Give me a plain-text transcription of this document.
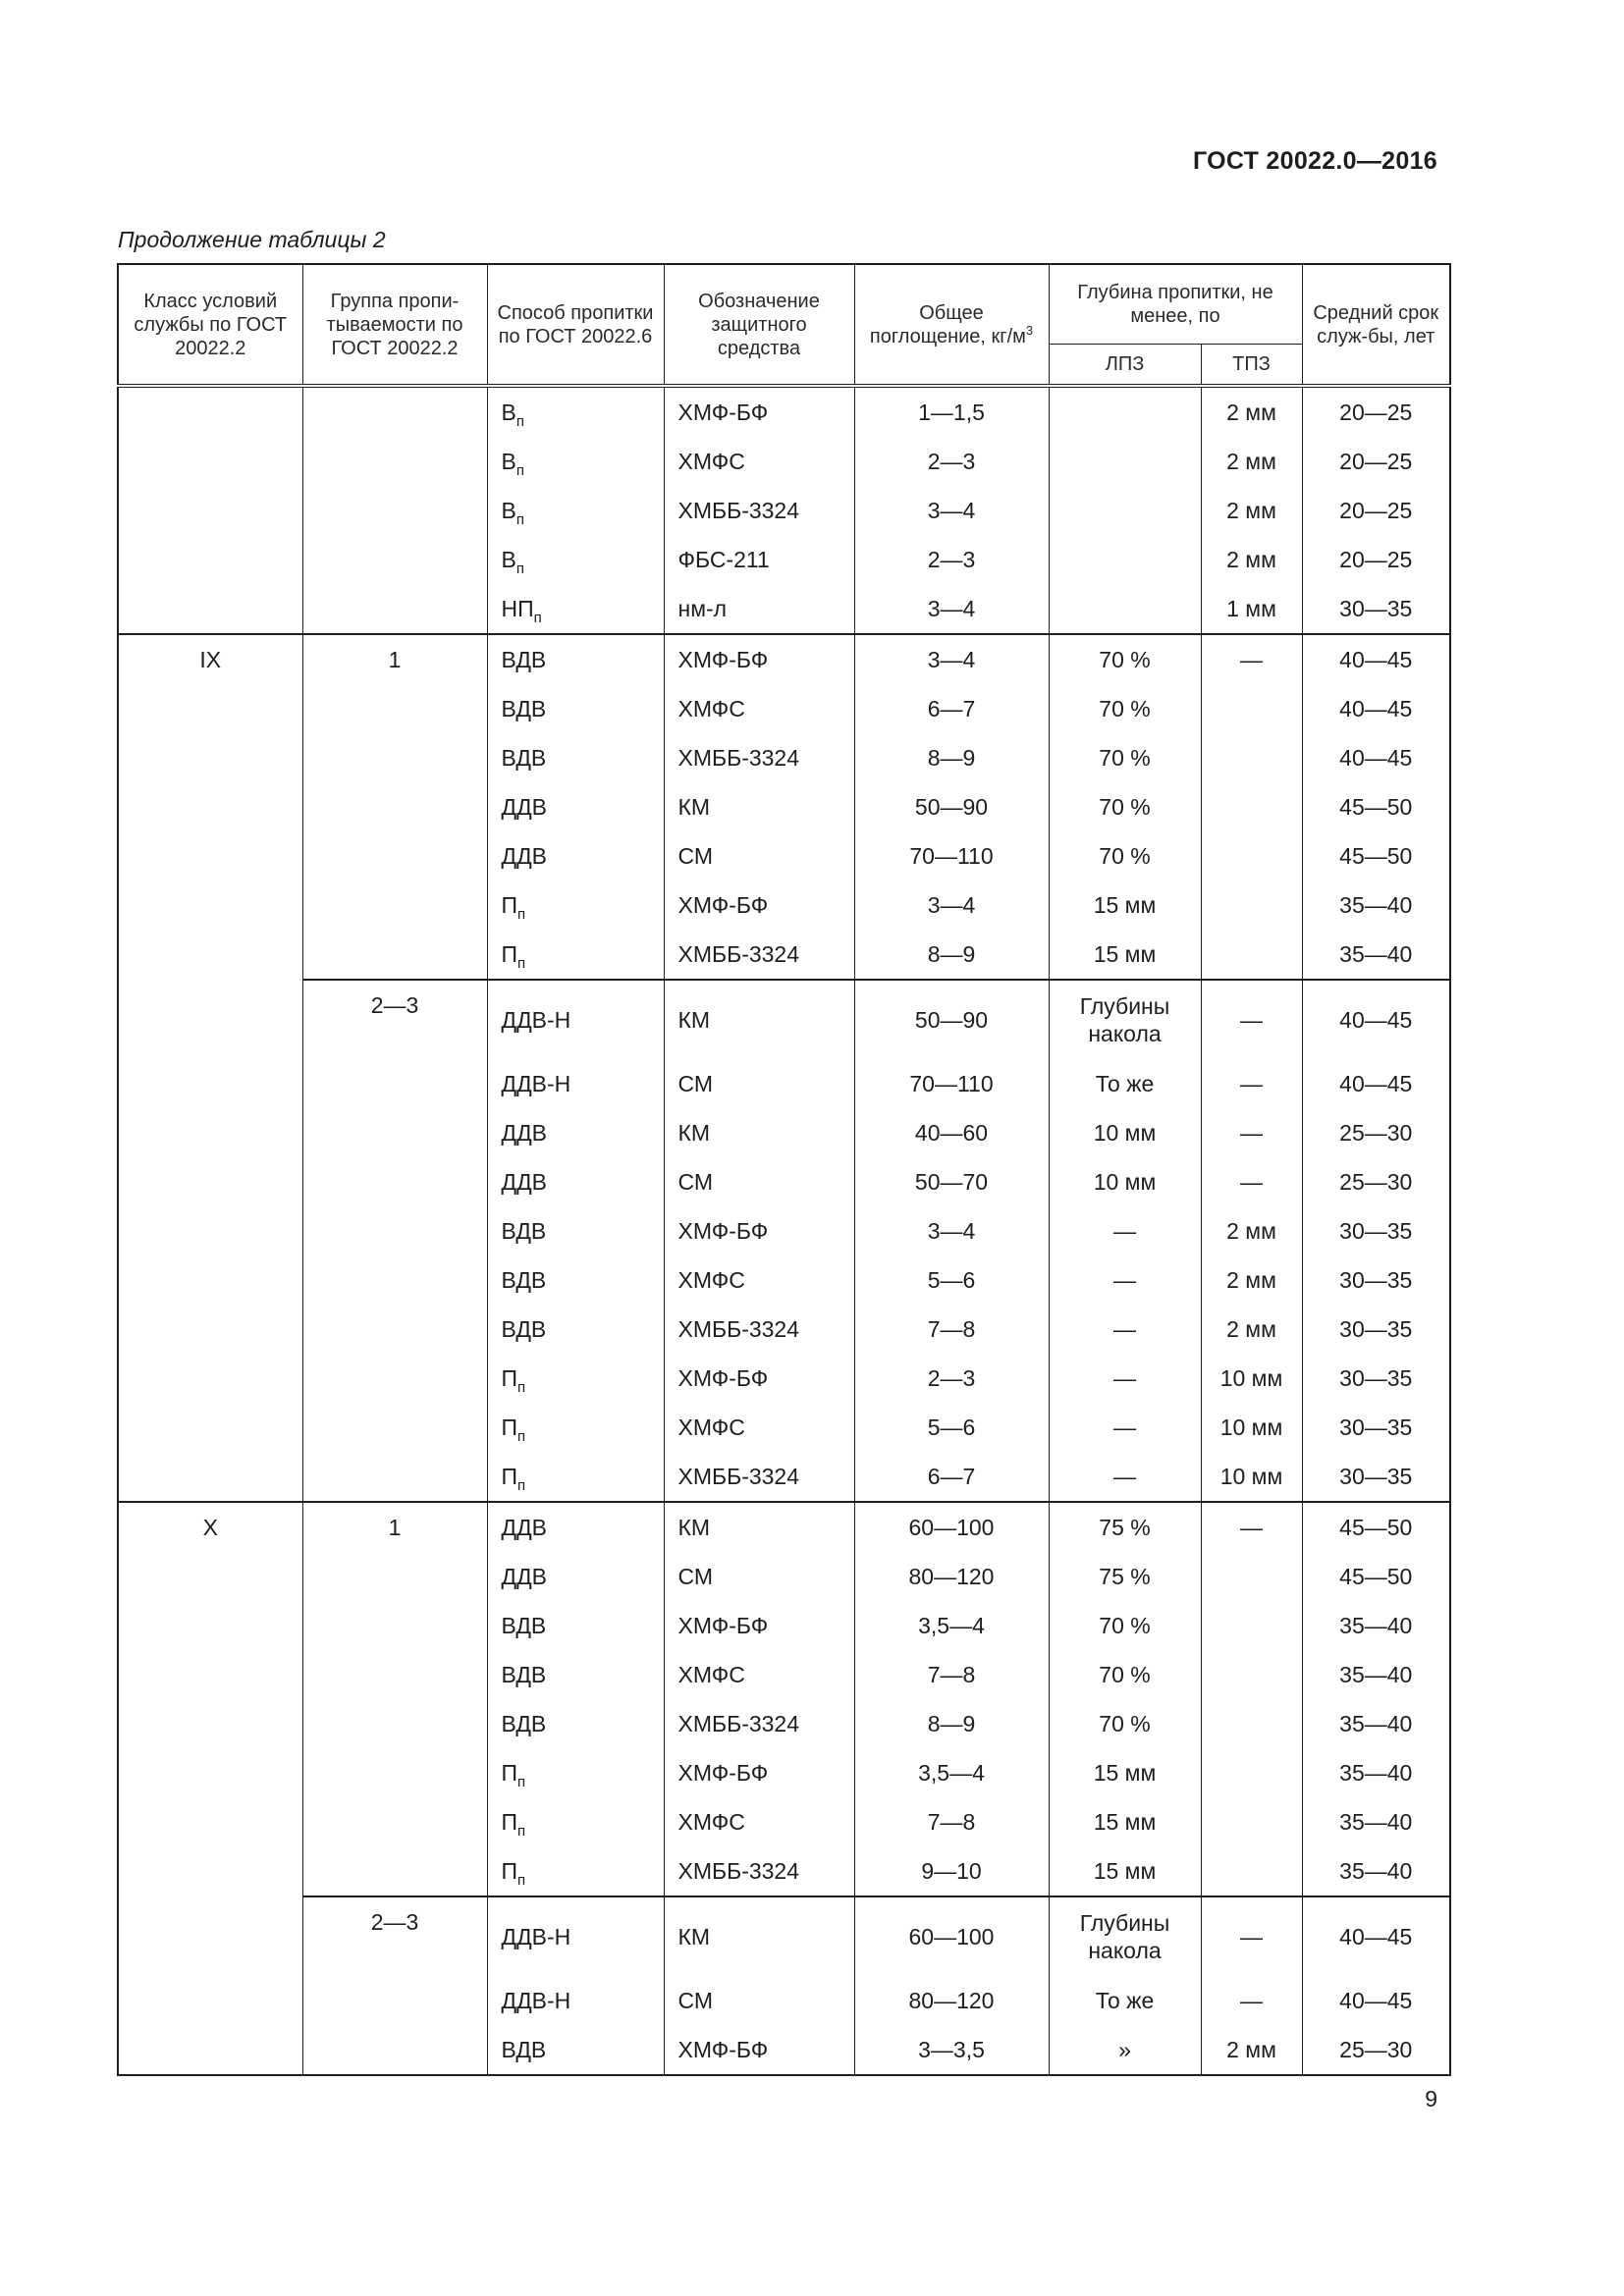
ГОСТ 20022.0—2016
Продолжение таблицы 2
Класс условий службы по ГОСТ 20022.2	Группа пропи-тываемости по ГОСТ 20022.2	Способ пропитки по ГОСТ 20022.6	Обозначение защитного средства	Общее поглощение, $кг/м^3$	Глубина пропитки, не менее, по		Средний срок служ-бы, лет
					ЛПЗ	ТПЗ	
		$В_п$	ХМФ-БФ	1—1,5		2 мм	20—25
		$В_п$	ХМФС	2—3		2 мм	20—25
		$В_п$	ХМББ-3324	3—4		2 мм	20—25
		$В_п$	ФБС-211	2—3		2 мм	20—25
		$НП_п$	нм-л	3—4		1 мм	30—35
IX	1	ВДВ	ХМФ-БФ	3—4	70 %	—	40—45
		ВДВ	ХМФС	6—7	70 %		40—45
		ВДВ	ХМББ-3324	8—9	70 %		40—45
		ДДВ	КМ	50—90	70 %		45—50
		ДДВ	СМ	70—110	70 %		45—50
		$П_п$	ХМФ-БФ	3—4	15 мм		35—40
		$П_п$	ХМББ-3324	8—9	15 мм		35—40
	2—3	ДДВ-Н	КМ	50—90	Глубины накола	—	40—45
		ДДВ-Н	СМ	70—110	То же	—	40—45
		ДДВ	КМ	40—60	10 мм	—	25—30
		ДДВ	СМ	50—70	10 мм	—	25—30
		ВДВ	ХМФ-БФ	3—4	—	2 мм	30—35
		ВДВ	ХМФС	5—6	—	2 мм	30—35
		ВДВ	ХМББ-3324	7—8	—	2 мм	30—35
		$П_п$	ХМФ-БФ	2—3	—	10 мм	30—35
		$П_п$	ХМФС	5—6	—	10 мм	30—35
		$П_п$	ХМББ-3324	6—7	—	10 мм	30—35
X	1	ДДВ	КМ	60—100	75 %	—	45—50
		ДДВ	СМ	80—120	75 %		45—50
		ВДВ	ХМФ-БФ	3,5—4	70 %		35—40
		ВДВ	ХМФС	7—8	70 %		35—40
		ВДВ	ХМББ-3324	8—9	70 %		35—40
		$П_п$	ХМФ-БФ	3,5—4	15 мм		35—40
		$П_п$	ХМФС	7—8	15 мм		35—40
		$П_п$	ХМББ-3324	9—10	15 мм		35—40
	2—3	ДДВ-Н	КМ	60—100	Глубины накола	—	40—45
		ДДВ-Н	СМ	80—120	То же	—	40—45
		ВДВ	ХМФ-БФ	3—3,5	»	2 мм	25—30
9
